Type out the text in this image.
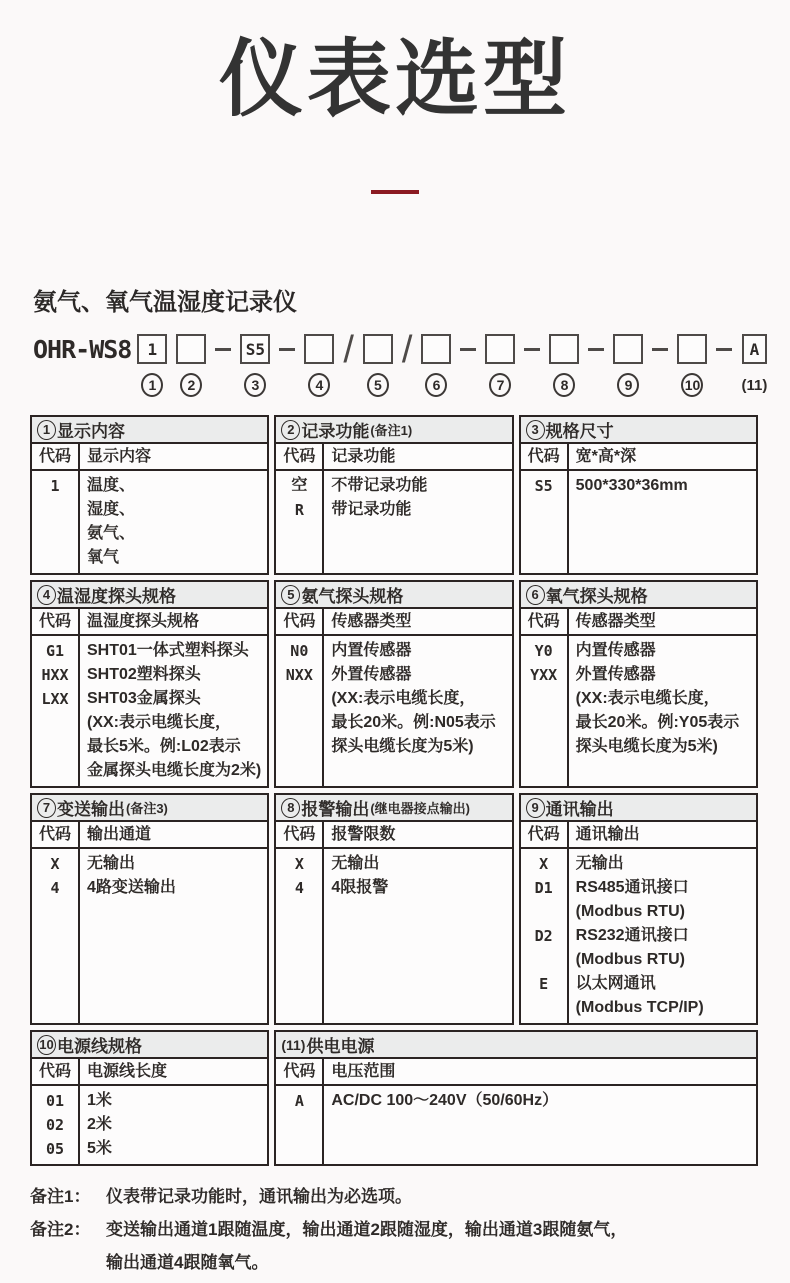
仪表选型
氨气、氧气温湿度记录仪
OHR-WS8	1
1	2
S5
3	4
/
5
/
6	7	8	9	10
A
(11)
1 显示内容
代码	显示内容
1	温度、
湿度、
氨气、
氧气
2 记录功能 (备注1)
代码	记录功能
空	不带记录功能
R	带记录功能
3 规格尺寸
代码	宽*高*深
S5	500*330*36mm
4 温湿度探头规格
代码	温湿度探头规格
G1	SHT01一体式塑料探头
HXX	SHT02塑料探头
LXX	SHT03金属探头
(XX:表示电缆长度，
最长5米。例:L02表示
金属探头电缆长度为2米)
5 氨气探头规格
代码	传感器类型
N0	内置传感器
NXX	外置传感器
(XX:表示电缆长度，
最长20米。例:N05表示
探头电缆长度为5米)
6 氧气探头规格
代码	传感器类型
Y0	内置传感器
YXX	外置传感器
(XX:表示电缆长度，
最长20米。例:Y05表示
探头电缆长度为5米)
7 变送输出 (备注3)
代码	输出通道
X	无输出
4	4路变送输出
8 报警输出 (继电器接点输出)
代码	报警限数
X	无输出
4	4限报警
9 通讯输出
代码	通讯输出
X	无输出
D1	RS485通讯接口
(Modbus RTU)
D2	RS232通讯接口
(Modbus RTU)
E	以太网通讯
(Modbus TCP/IP)
10 电源线规格
代码	电源线长度
01	1米
02	2米
05	5米
(11) 供电电源
代码	电压范围
A	AC/DC 100～240V（50/60Hz）
备注1： 仪表带记录功能时，通讯输出为必选项。
备注2： 变送输出通道1跟随温度，输出通道2跟随湿度，输出通道3跟随氨气，
输出通道4跟随氧气。
